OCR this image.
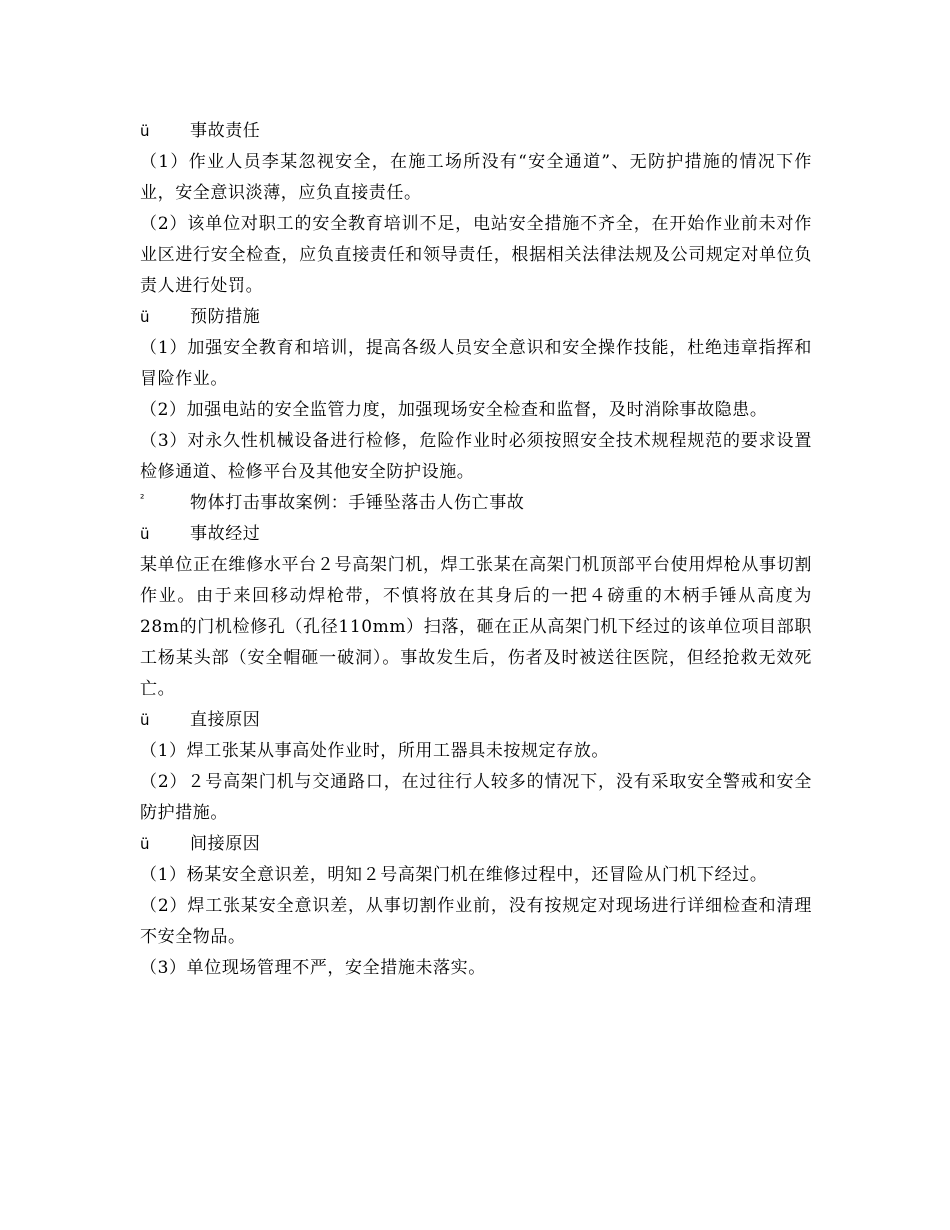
ü 事故责任
（1）作业人员李某忽视安全，在施工场所没有“安全通道”、无防护措施的情况下作业，安全意识淡薄，应负直接责任。
（2）该单位对职工的安全教育培训不足，电站安全措施不齐全，在开始作业前未对作业区进行安全检查，应负直接责任和领导责任，根据相关法律法规及公司规定对单位负责人进行处罚。
ü 预防措施
（1）加强安全教育和培训，提高各级人员安全意识和安全操作技能，杜绝违章指挥和冒险作业。
（2）加强电站的安全监管力度，加强现场安全检查和监督，及时消除事故隐患。
（3）对永久性机械设备进行检修，危险作业时必须按照安全技术规程规范的要求设置检修通道、检修平台及其他安全防护设施。
²	物体打击事故案例：手锤坠落击人伤亡事故
ü 事故经过
某单位正在维修水平台２号高架门机，焊工张某在高架门机顶部平台使用焊枪从事切割作业。由于来回移动焊枪带，不慎将放在其身后的一把４磅重的木柄手锤从高度为28m的门机检修孔（孔径110mm）扫落，砸在正从高架门机下经过的该单位项目部职工杨某头部（安全帽砸一破洞）。事故发生后，伤者及时被送往医院，但经抢救无效死亡。
ü 直接原因
（1）焊工张某从事高处作业时，所用工器具未按规定存放。
（2）２号高架门机与交通路口，在过往行人较多的情况下，没有采取安全警戒和安全防护措施。
ü 间接原因
（1）杨某安全意识差，明知２号高架门机在维修过程中，还冒险从门机下经过。
（2）焊工张某安全意识差，从事切割作业前，没有按规定对现场进行详细检查和清理不安全物品。
（3）单位现场管理不严，安全措施未落实。
